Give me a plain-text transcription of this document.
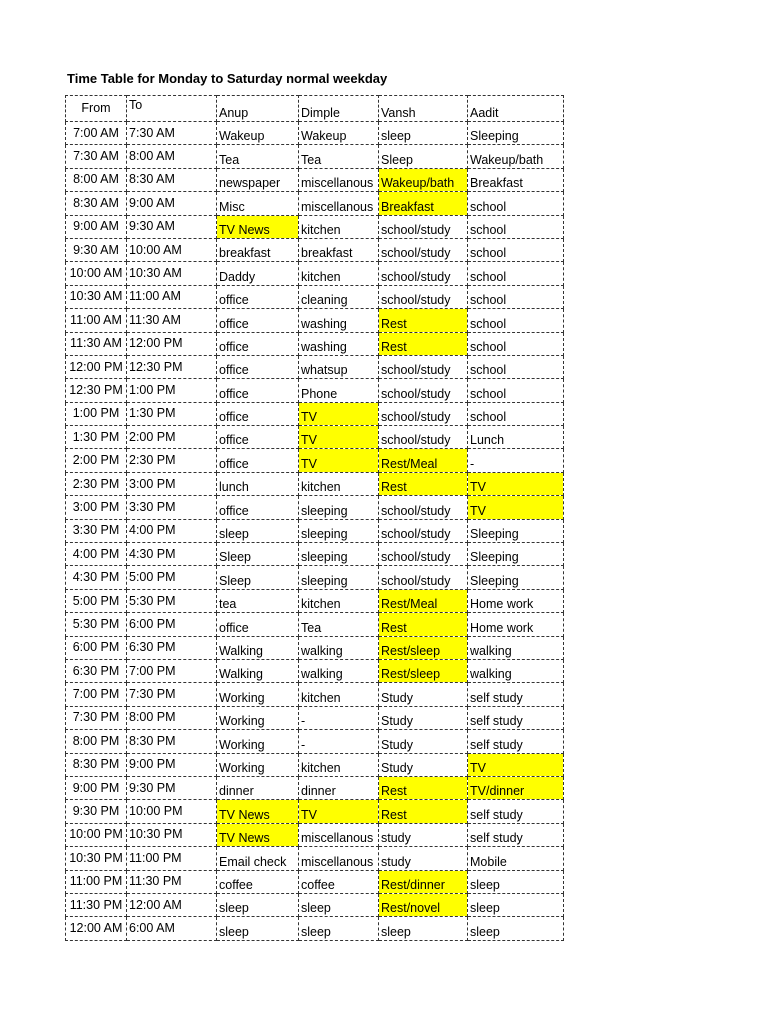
Time Table for Monday to Saturday normal weekday
From	To	Anup	Dimple	Vansh	Aadit
7:00 AM	7:30 AM	Wakeup	Wakeup	sleep	Sleeping
7:30 AM	8:00 AM	Tea	Tea	Sleep	Wakeup/bath
8:00 AM	8:30 AM	newspaper	miscellanous	Wakeup/bath	Breakfast
8:30 AM	9:00 AM	Misc	miscellanous	Breakfast	school
9:00 AM	9:30 AM	TV News	kitchen	school/study	school
9:30 AM	10:00 AM	breakfast	breakfast	school/study	school
10:00 AM	10:30 AM	Daddy	kitchen	school/study	school
10:30 AM	11:00 AM	office	cleaning	school/study	school
11:00 AM	11:30 AM	office	washing	Rest	school
11:30 AM	12:00 PM	office	washing	Rest	school
12:00 PM	12:30 PM	office	whatsup	school/study	school
12:30 PM	1:00 PM	office	Phone	school/study	school
1:00 PM	1:30 PM	office	TV	school/study	school
1:30 PM	2:00 PM	office	TV	school/study	Lunch
2:00 PM	2:30 PM	office	TV	Rest/Meal	-
2:30 PM	3:00 PM	lunch	kitchen	Rest	TV
3:00 PM	3:30 PM	office	sleeping	school/study	TV
3:30 PM	4:00 PM	sleep	sleeping	school/study	Sleeping
4:00 PM	4:30 PM	Sleep	sleeping	school/study	Sleeping
4:30 PM	5:00 PM	Sleep	sleeping	school/study	Sleeping
5:00 PM	5:30 PM	tea	kitchen	Rest/Meal	Home work
5:30 PM	6:00 PM	office	Tea	Rest	Home work
6:00 PM	6:30 PM	Walking	walking	Rest/sleep	walking
6:30 PM	7:00 PM	Walking	walking	Rest/sleep	walking
7:00 PM	7:30 PM	Working	kitchen	Study	self study
7:30 PM	8:00 PM	Working	-	Study	self study
8:00 PM	8:30 PM	Working	-	Study	self study
8:30 PM	9:00 PM	Working	kitchen	Study	TV
9:00 PM	9:30 PM	dinner	dinner	Rest	TV/dinner
9:30 PM	10:00 PM	TV News	TV	Rest	self study
10:00 PM	10:30 PM	TV News	miscellanous	study	self study
10:30 PM	11:00 PM	Email check	miscellanous	study	Mobile
11:00 PM	11:30 PM	coffee	coffee	Rest/dinner	sleep
11:30 PM	12:00 AM	sleep	sleep	Rest/novel	sleep
12:00 AM	6:00 AM	sleep	sleep	sleep	sleep
